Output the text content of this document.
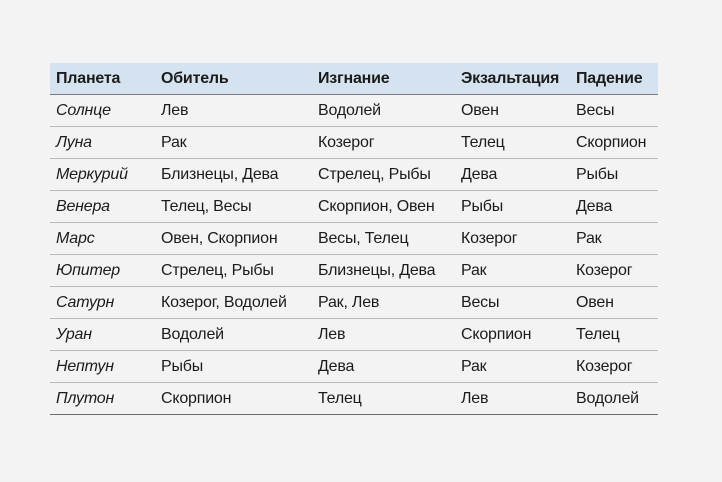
Планета	Обитель	Изгнание	Экзальтация	Падение
Солнце	Лев	Водолей	Овен	Весы
Луна	Рак	Козерог	Телец	Скорпион
Меркурий	Близнецы, Дева	Стрелец, Рыбы	Дева	Рыбы
Венера	Телец, Весы	Скорпион, Овен	Рыбы	Дева
Марс	Овен, Скорпион	Весы, Телец	Козерог	Рак
Юпитер	Стрелец, Рыбы	Близнецы, Дева	Рак	Козерог
Сатурн	Козерог, Водолей	Рак, Лев	Весы	Овен
Уран	Водолей	Лев	Скорпион	Телец
Нептун	Рыбы	Дева	Рак	Козерог
Плутон	Скорпион	Телец	Лев	Водолей
